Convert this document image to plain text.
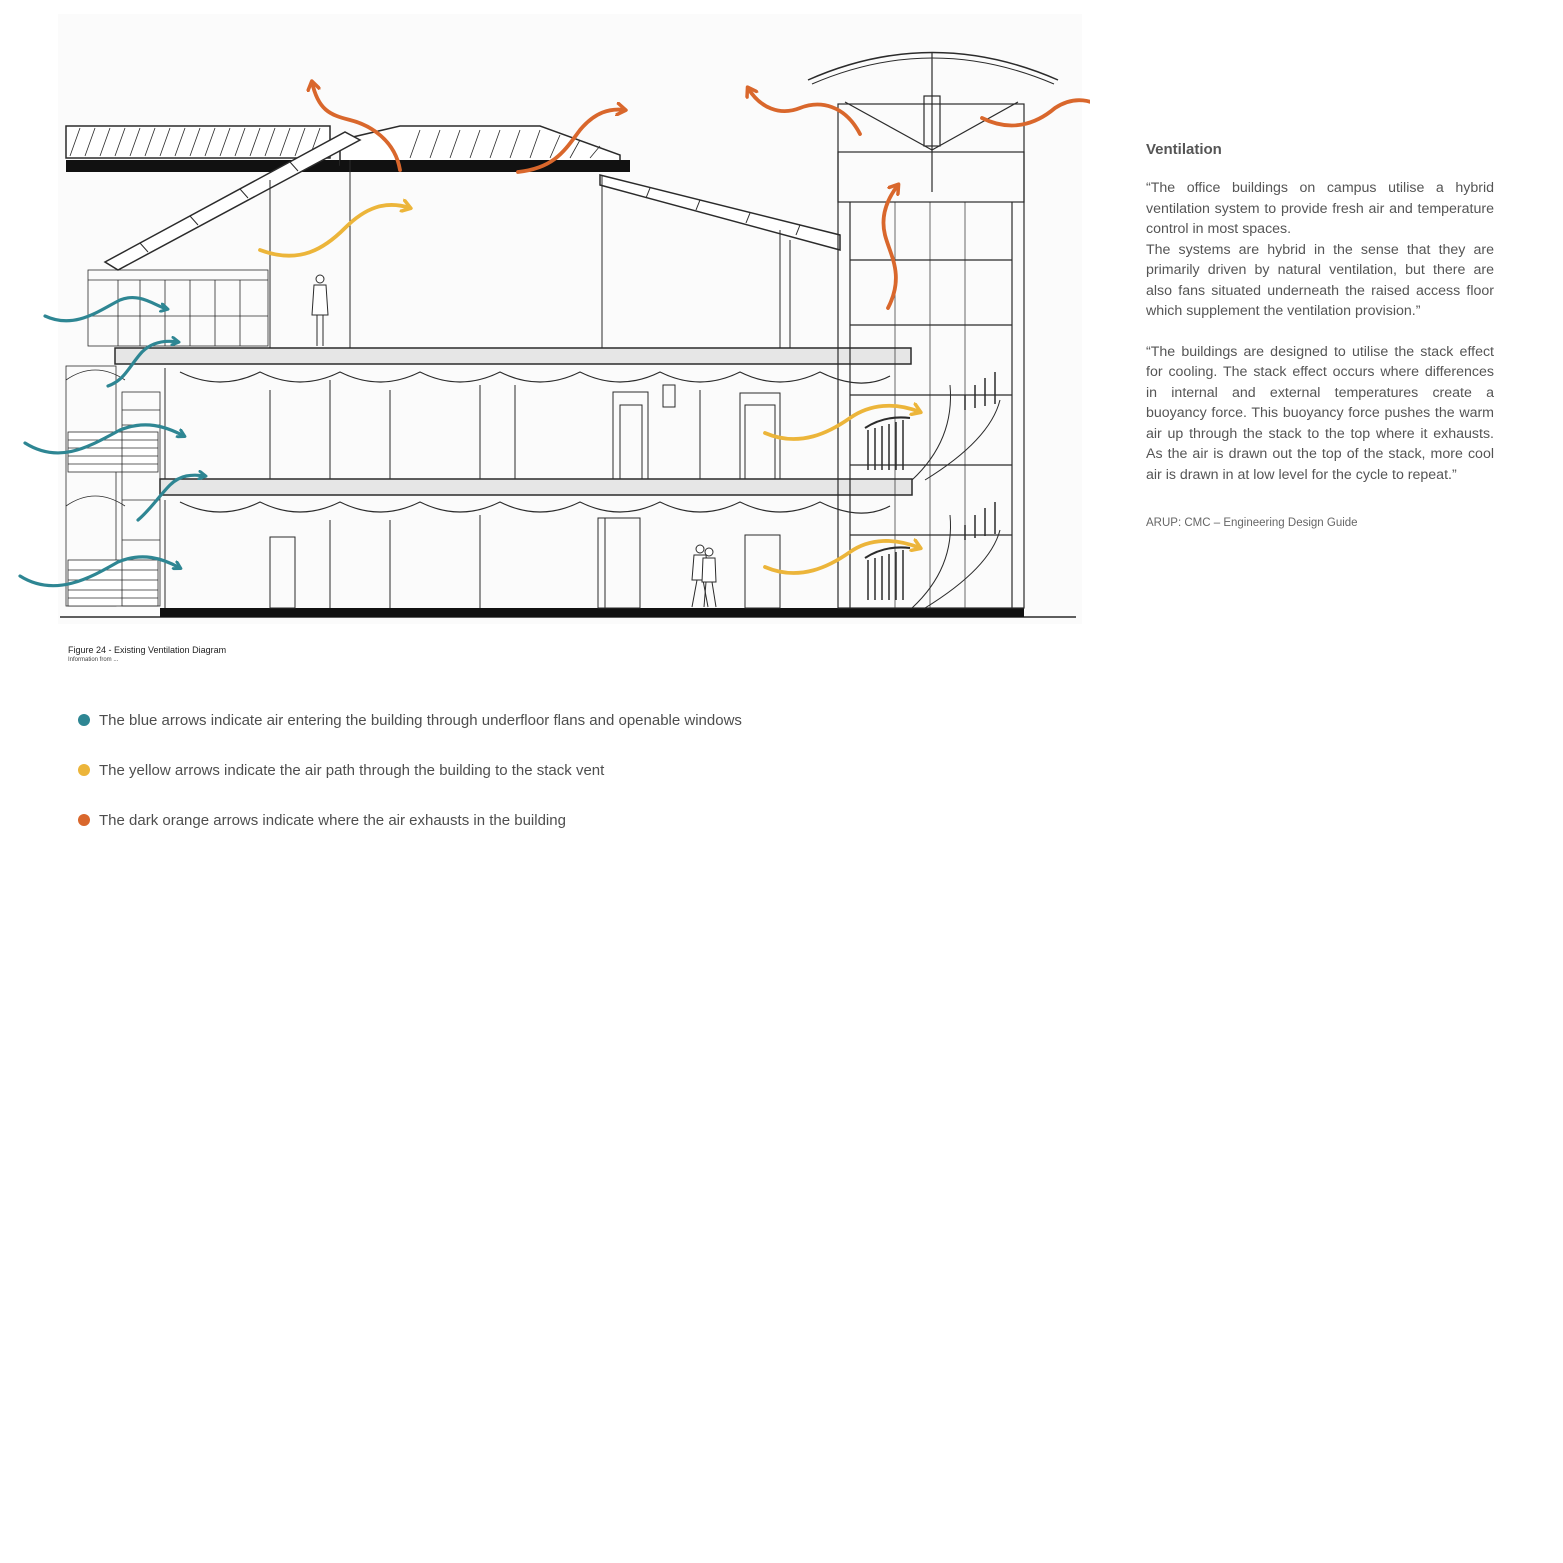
Figure 24 - Existing Ventilation Diagram
Information from ...
Ventilation

“The office buildings on campus utilise a hybrid ventilation system to provide fresh air and temperature control in most spaces.

The systems are hybrid in the sense that they are primarily driven by natural ventilation, but there are also fans situated underneath the raised access floor which supplement the ventilation provision.”

“The buildings are designed to utilise the stack effect for cooling. The stack effect occurs where differences in internal and external temperatures create a buoyancy force. This buoyancy force pushes the warm air up through the stack to the top where it exhausts. As the air is drawn out the top of the stack, more cool air is drawn in at low level for the cycle to repeat.”

ARUP: CMC – Engineering Design Guide
The blue arrows indicate air entering the building through underfloor flans and openable windows
The yellow arrows indicate the air path through the building to the stack vent
The dark orange arrows indicate where the air exhausts in the building
